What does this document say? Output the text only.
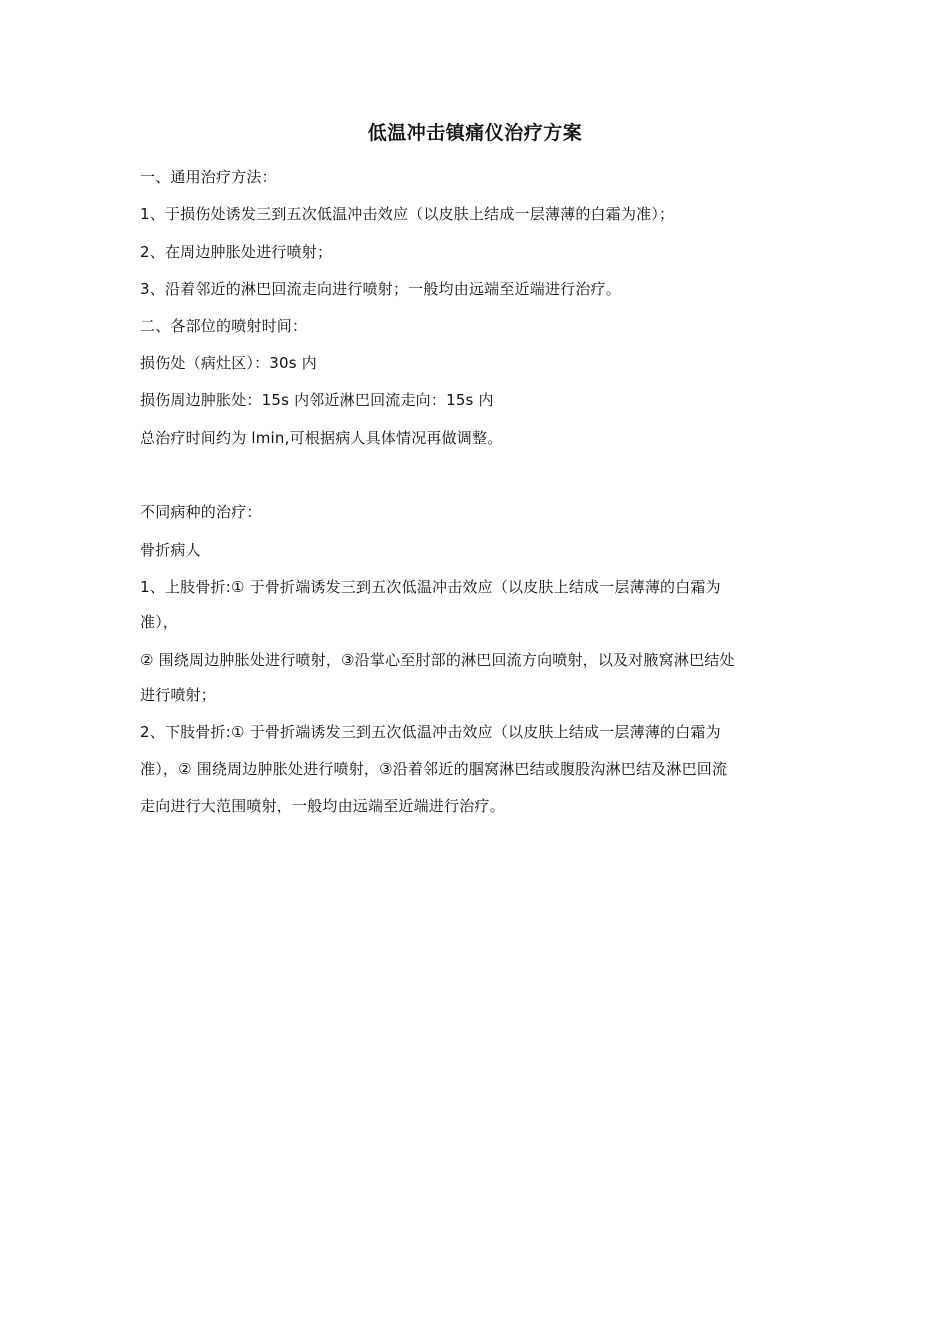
低温冲击镇痛仪治疗方案
一、通用治疗方法：
1、于损伤处诱发三到五次低温冲击效应（以皮肤上结成一层薄薄的白霜为准）；
2、在周边肿胀处进行喷射；
3、沿着邻近的淋巴回流走向进行喷射；一般均由远端至近端进行治疗。
二、各部位的喷射时间：
损伤处（病灶区）：30s 内
损伤周边肿胀处：15s 内邻近淋巴回流走向：15s 内
总治疗时间约为 lmin,可根据病人具体情况再做调整。
不同病种的治疗：
骨折病人
1、上肢骨折:① 于骨折端诱发三到五次低温冲击效应（以皮肤上结成一层薄薄的白霜为
准），
② 围绕周边肿胀处进行喷射，③沿掌心至肘部的淋巴回流方向喷射，以及对腋窝淋巴结处
进行喷射；
2、下肢骨折:① 于骨折端诱发三到五次低温冲击效应（以皮肤上结成一层薄薄的白霜为
准），② 围绕周边肿胀处进行喷射，③沿着邻近的腘窝淋巴结或腹股沟淋巴结及淋巴回流
走向进行大范围喷射，一般均由远端至近端进行治疗。
